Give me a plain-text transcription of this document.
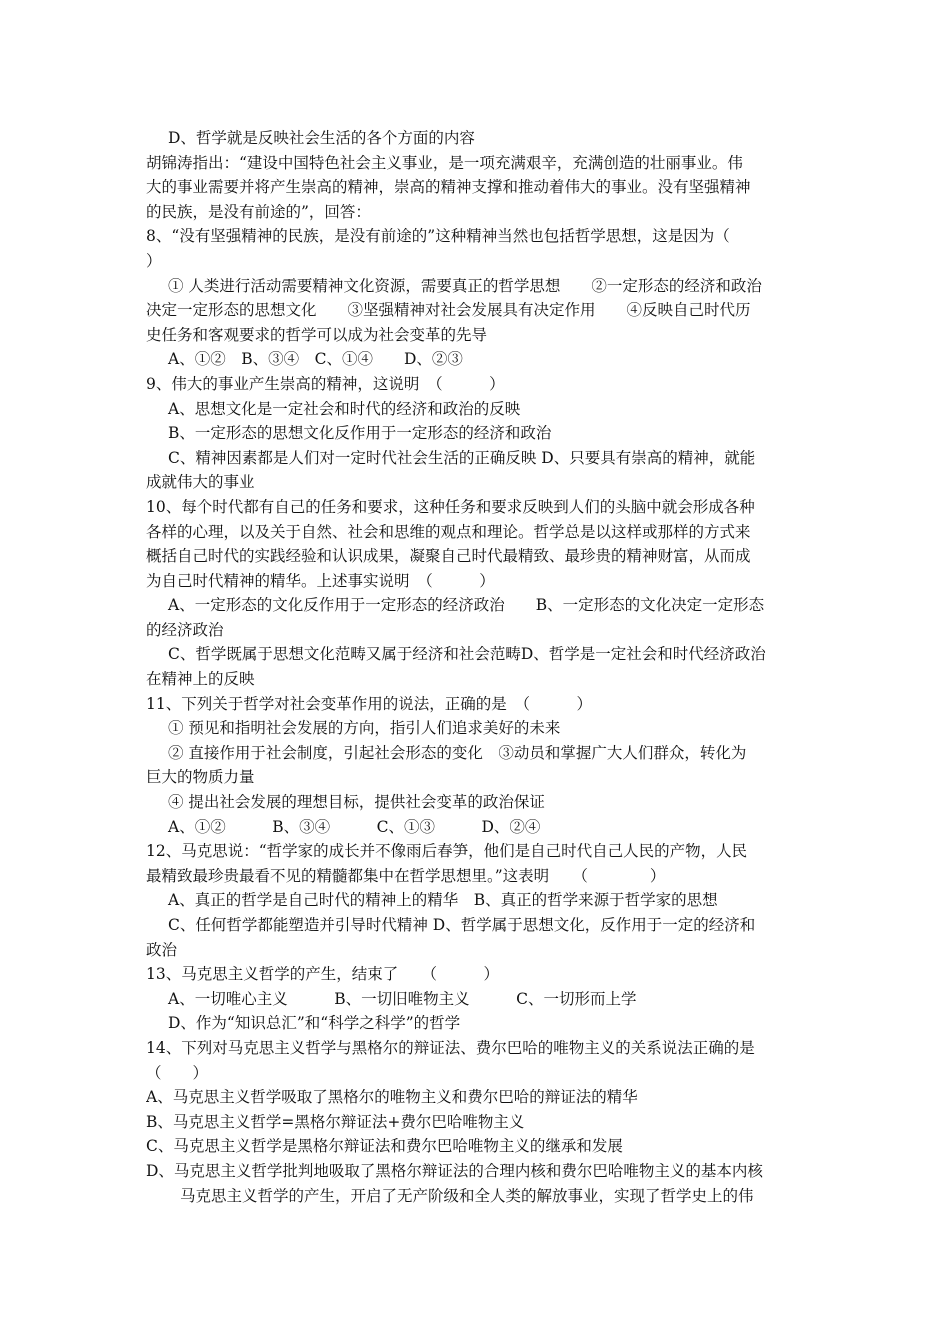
D、哲学就是反映社会生活的各个方面的内容
胡锦涛指出：“建设中国特色社会主义事业，是一项充满艰辛，充满创造的壮丽事业。伟
大的事业需要并将产生崇高的精神，崇高的精神支撑和推动着伟大的事业。没有坚强精神
的民族，是没有前途的”，回答：
8、“没有坚强精神的民族，是没有前途的”这种精神当然也包括哲学思想，这是因为（
）
① 人类进行活动需要精神文化资源，需要真正的哲学思想　　②一定形态的经济和政治
决定一定形态的思想文化　　③坚强精神对社会发展具有决定作用　　④反映自己时代历
史任务和客观要求的哲学可以成为社会变革的先导
A、①②　B、③④　C、①④　　D、②③
9、伟大的事业产生崇高的精神，这说明　（　　　）
A、思想文化是一定社会和时代的经济和政治的反映
B、一定形态的思想文化反作用于一定形态的经济和政治
C、精神因素都是人们对一定时代社会生活的正确反映 D、只要具有崇高的精神，就能
成就伟大的事业
10、每个时代都有自己的任务和要求，这种任务和要求反映到人们的头脑中就会形成各种
各样的心理，以及关于自然、社会和思维的观点和理论。哲学总是以这样或那样的方式来
概括自己时代的实践经验和认识成果，凝聚自己时代最精致、最珍贵的精神财富，从而成
为自己时代精神的精华。上述事实说明　（　　　）
A、一定形态的文化反作用于一定形态的经济政治　　B、一定形态的文化决定一定形态
的经济政治
C、哲学既属于思想文化范畴又属于经济和社会范畴D、哲学是一定社会和时代经济政治
在精神上的反映
11、下列关于哲学对社会变革作用的说法，正确的是　（　　　）
① 预见和指明社会发展的方向，指引人们追求美好的未来
② 直接作用于社会制度，引起社会形态的变化　③动员和掌握广大人们群众，转化为
巨大的物质力量
④ 提出社会发展的理想目标，提供社会变革的政治保证
A、①②　　　B、③④　　　C、①③　　　D、②④
12、马克思说：“哲学家的成长并不像雨后春笋，他们是自己时代自己人民的产物，人民
最精致最珍贵最看不见的精髓都集中在哲学思想里。”这表明　　（　　　　）
A、真正的哲学是自己时代的精神上的精华　B、真正的哲学来源于哲学家的思想
C、任何哲学都能塑造并引导时代精神 D、哲学属于思想文化，反作用于一定的经济和
政治
13、马克思主义哲学的产生，结束了　　（　　　）
A、一切唯心主义　　　B、一切旧唯物主义　　　C、一切形而上学
D、作为“知识总汇”和“科学之科学”的哲学
14、下列对马克思主义哲学与黑格尔的辩证法、费尔巴哈的唯物主义的关系说法正确的是
（　　）
A、马克思主义哲学吸取了黑格尔的唯物主义和费尔巴哈的辩证法的精华
B、马克思主义哲学=黑格尔辩证法+费尔巴哈唯物主义
C、马克思主义哲学是黑格尔辩证法和费尔巴哈唯物主义的继承和发展
D、马克思主义哲学批判地吸取了黑格尔辩证法的合理内核和费尔巴哈唯物主义的基本内核
马克思主义哲学的产生，开启了无产阶级和全人类的解放事业，实现了哲学史上的伟
